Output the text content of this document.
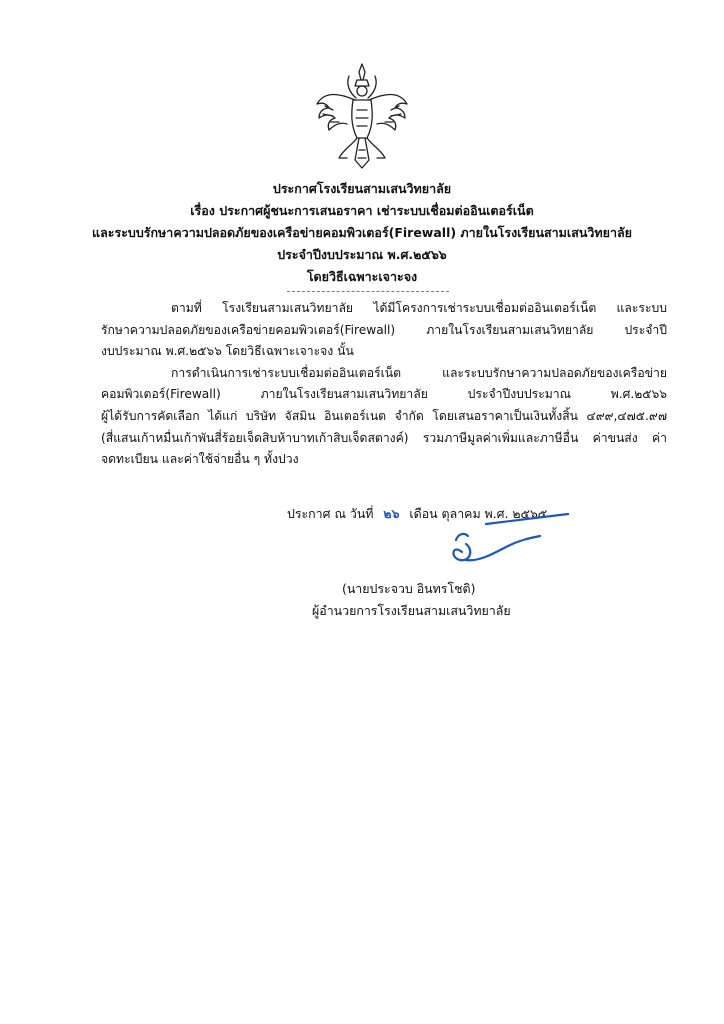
ประกาศโรงเรียนสามเสนวิทยาลัย
เรื่อง ประกาศผู้ชนะการเสนอราคา เช่าระบบเชื่อมต่ออินเตอร์เน็ต
และระบบรักษาความปลอดภัยของเครือข่ายคอมพิวเตอร์(Firewall) ภายในโรงเรียนสามเสนวิทยาลัย
ประจำปีงบประมาณ พ.ศ.๒๕๖๖
โดยวิธีเฉพาะเจาะจง
ตามที่ โรงเรียนสามเสนวิทยาลัย ได้มีโครงการเช่าระบบเชื่อมต่ออินเตอร์เน็ต และระบบ
รักษาความปลอดภัยของเครือข่ายคอมพิวเตอร์(Firewall) ภายในโรงเรียนสามเสนวิทยาลัย ประจำปี
งบประมาณ พ.ศ.๒๕๖๖ โดยวิธีเฉพาะเจาะจง นั้น
การดำเนินการเช่าระบบเชื่อมต่ออินเตอร์เน็ต และระบบรักษาความปลอดภัยของเครือข่าย
คอมพิวเตอร์(Firewall) ภายในโรงเรียนสามเสนวิทยาลัย ประจำปีงบประมาณ พ.ศ.๒๕๖๖
ผู้ได้รับการคัดเลือก ได้แก่ บริษัท จัสมิน อินเตอร์เนต จำกัด โดยเสนอราคาเป็นเงินทั้งสิ้น ๔๙๙,๔๗๕.๙๗
(สี่แสนเก้าหมื่นเก้าพันสี่ร้อยเจ็ดสิบห้าบาทเก้าสิบเจ็ดสตางค์) รวมภาษีมูลค่าเพิ่มและภาษีอื่น ค่าขนส่ง ค่า
จดทะเบียน และค่าใช้จ่ายอื่น ๆ ทั้งปวง
ประกาศ ณ วันที่ ๒๖ เดือน ตุลาคม พ.ศ. ๒๕๖๕
(นายประจวบ อินทรโชติ)
ผู้อำนวยการโรงเรียนสามเสนวิทยาลัย
